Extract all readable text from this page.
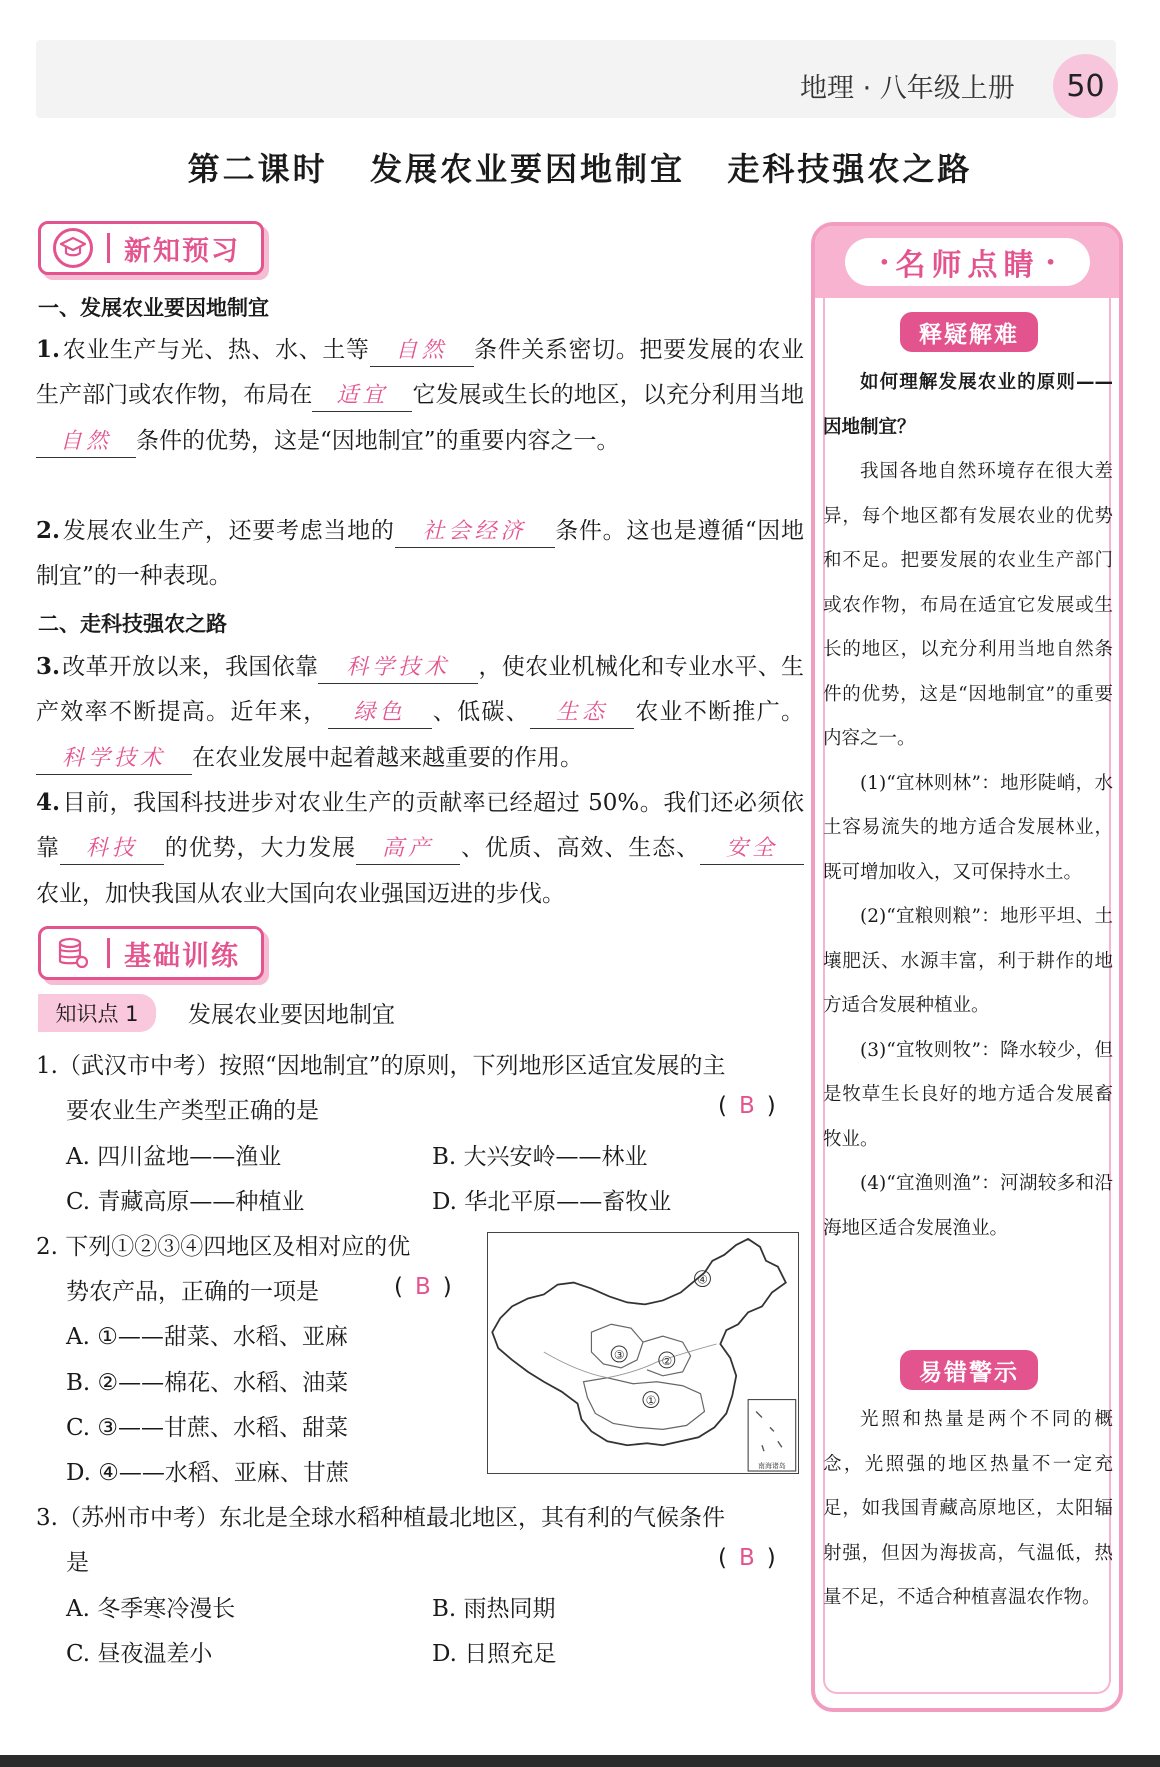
地理 · 八年级上册	50
第二课时   发展农业要因地制宜   走科技强农之路
新知预习
一、发展农业要因地制宜
1.农业生产与光、热、水、土等 自然 条件关系密切。把要发展的农业生产部门或农作物，布局在 适宜 它发展或生长的地区，以充分利用当地自然 条件的优势，这是“因地制宜”的重要内容之一。
2.发展农业生产，还要考虑当地的 社会经济 条件。这也是遵循“因地制宜”的一种表现。
二、走科技强农之路
3.改革开放以来，我国依靠 科学技术 ，使农业机械化和专业水平、生产效率不断提高。近年来， 绿色 、低碳、 生态 农业不断推广。科学技术 在农业发展中起着越来越重要的作用。
4.目前，我国科技进步对农业生产的贡献率已经超过 50%。我们还必须依靠 科技 的优势，大力发展 高产 、优质、高效、生态、 安全农业，加快我国从农业大国向农业强国迈进的步伐。
基础训练
知识点 1	发展农业要因地制宜
1.（武汉市中考）按照“因地制宜”的原则，下列地形区适宜发展的主
要农业生产类型正确的是	( B )
A. 四川盆地——渔业	B. 大兴安岭——林业
C. 青藏高原——种植业	D. 华北平原——畜牧业
2. 下列①②③④四地区及相对应的优
势农产品，正确的一项是	( B )
A. ①——甜菜、水稻、亚麻
B. ②——棉花、水稻、油菜
C. ③——甘蔗、水稻、甜菜
D. ④——水稻、亚麻、甘蔗
④
③	②
①
南海诸岛
3.（苏州市中考）东北是全球水稻种植最北地区，其有利的气候条件
是	( B )
A. 冬季寒冷漫长	B. 雨热同期
C. 昼夜温差小	D. 日照充足
• 名师点睛 •
释疑解难

如何理解发展农业的原则——因地制宜？

我国各地自然环境存在很大差异，每个地区都有发展农业的优势和不足。把要发展的农业生产部门或农作物，布局在适宜它发展或生长的地区，以充分利用当地自然条件的优势，这是“因地制宜”的重要内容之一。

(1)“宜林则林”：地形陡峭，水土容易流失的地方适合发展林业，既可增加收入，又可保持水土。

(2)“宜粮则粮”：地形平坦、土壤肥沃、水源丰富，利于耕作的地方适合发展种植业。

(3)“宜牧则牧”：降水较少，但是牧草生长良好的地方适合发展畜牧业。

(4)“宜渔则渔”：河湖较多和沿海地区适合发展渔业。

易错警示

光照和热量是两个不同的概念，光照强的地区热量不一定充足，如我国青藏高原地区，太阳辐射强，但因为海拔高，气温低，热量不足，不适合种植喜温农作物。
